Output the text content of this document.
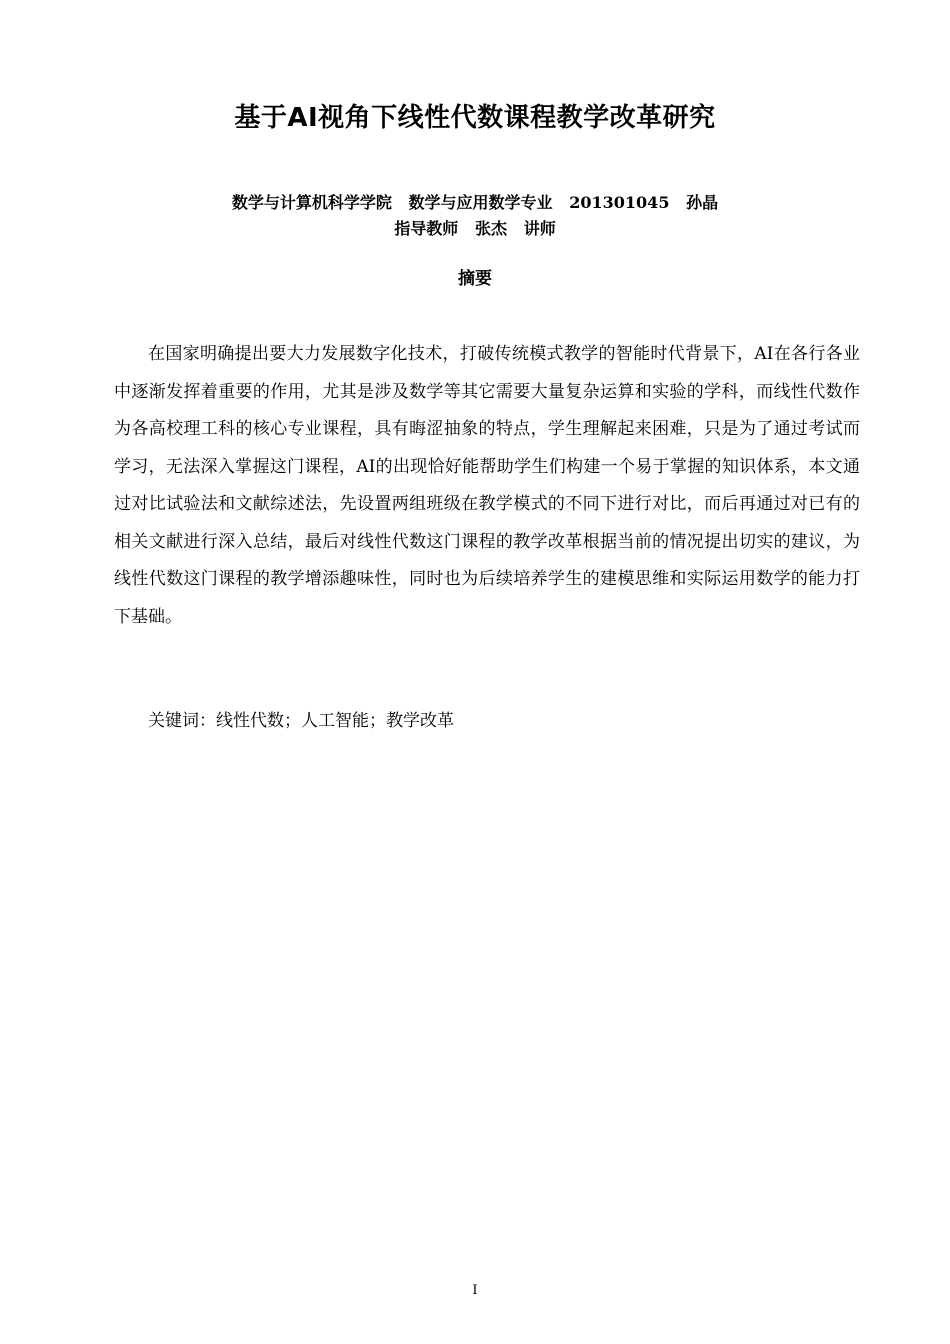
基于AI视角下线性代数课程教学改革研究
数学与计算机科学学院   数学与应用数学专业   201301045   孙晶
指导教师   张杰   讲师
摘要

在国家明确提出要大力发展数字化技术，打破传统模式教学的智能时代背景下，AI在各行各业中逐渐发挥着重要的作用，尤其是涉及数学等其它需要大量复杂运算和实验的学科，而线性代数作为各高校理工科的核心专业课程，具有晦涩抽象的特点，学生理解起来困难，只是为了通过考试而学习，无法深入掌握这门课程，AI的出现恰好能帮助学生们构建一个易于掌握的知识体系，本文通过对比试验法和文献综述法，先设置两组班级在教学模式的不同下进行对比，而后再通过对已有的相关文献进行深入总结，最后对线性代数这门课程的教学改革根据当前的情况提出切实的建议，为线性代数这门课程的教学增添趣味性，同时也为后续培养学生的建模思维和实际运用数学的能力打下基础。

关键词：线性代数；人工智能；教学改革
I
